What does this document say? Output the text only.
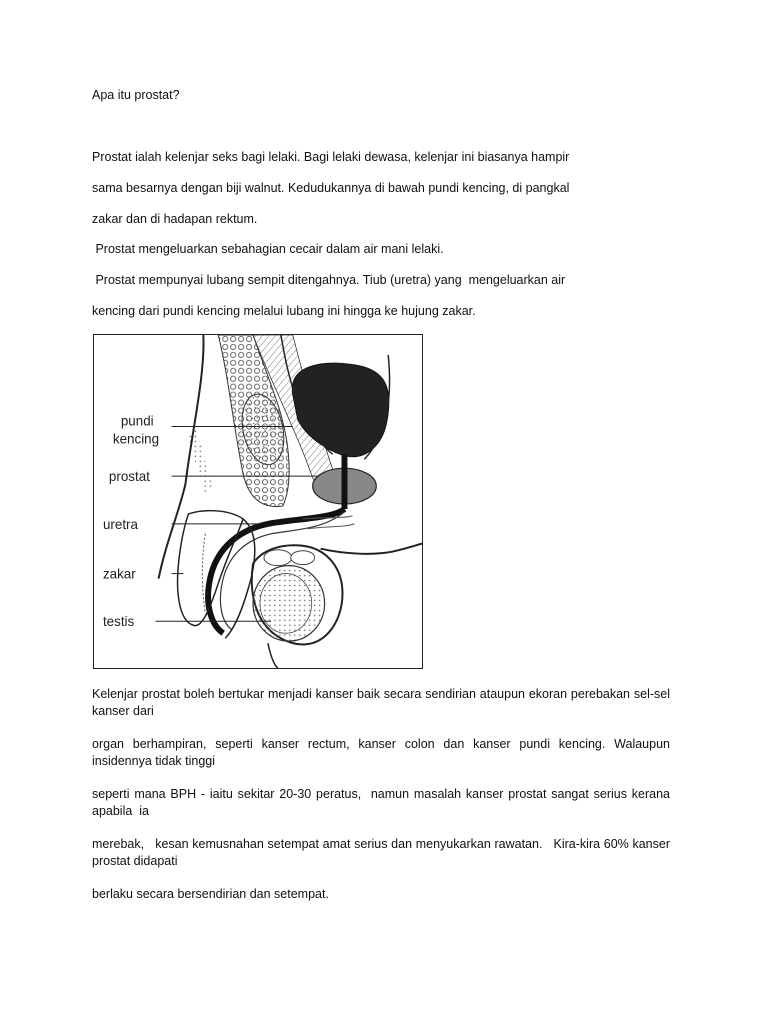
Apa itu prostat?

Prostat ialah kelenjar seks bagi lelaki. Bagi lelaki dewasa, kelenjar ini biasanya hampir

sama besarnya dengan biji walnut. Kedudukannya di bawah pundi kencing, di pangkal

zakar dan di hadapan rektum.

Prostat mengeluarkan sebahagian cecair dalam air mani lelaki.

Prostat mempunyai lubang sempit ditengahnya. Tiub (uretra) yang  mengeluarkan air

kencing dari pundi kencing melalui lubang ini hingga ke hujung zakar.

pundi
kencing
prostat
uretra
zakar
testis

Kelenjar prostat boleh bertukar menjadi kanser baik secara sendirian ataupun ekoran perebakan sel-sel kanser dari

organ berhampiran, seperti kanser rectum, kanser colon dan kanser pundi kencing. Walaupun insidennya tidak tinggi

seperti mana BPH - iaitu sekitar 20-30 peratus,  namun masalah kanser prostat sangat serius kerana  apabila  ia

merebak,   kesan kemusnahan setempat amat serius dan menyukarkan rawatan.   Kira-kira 60% kanser prostat didapati

berlaku secara bersendirian dan setempat.
